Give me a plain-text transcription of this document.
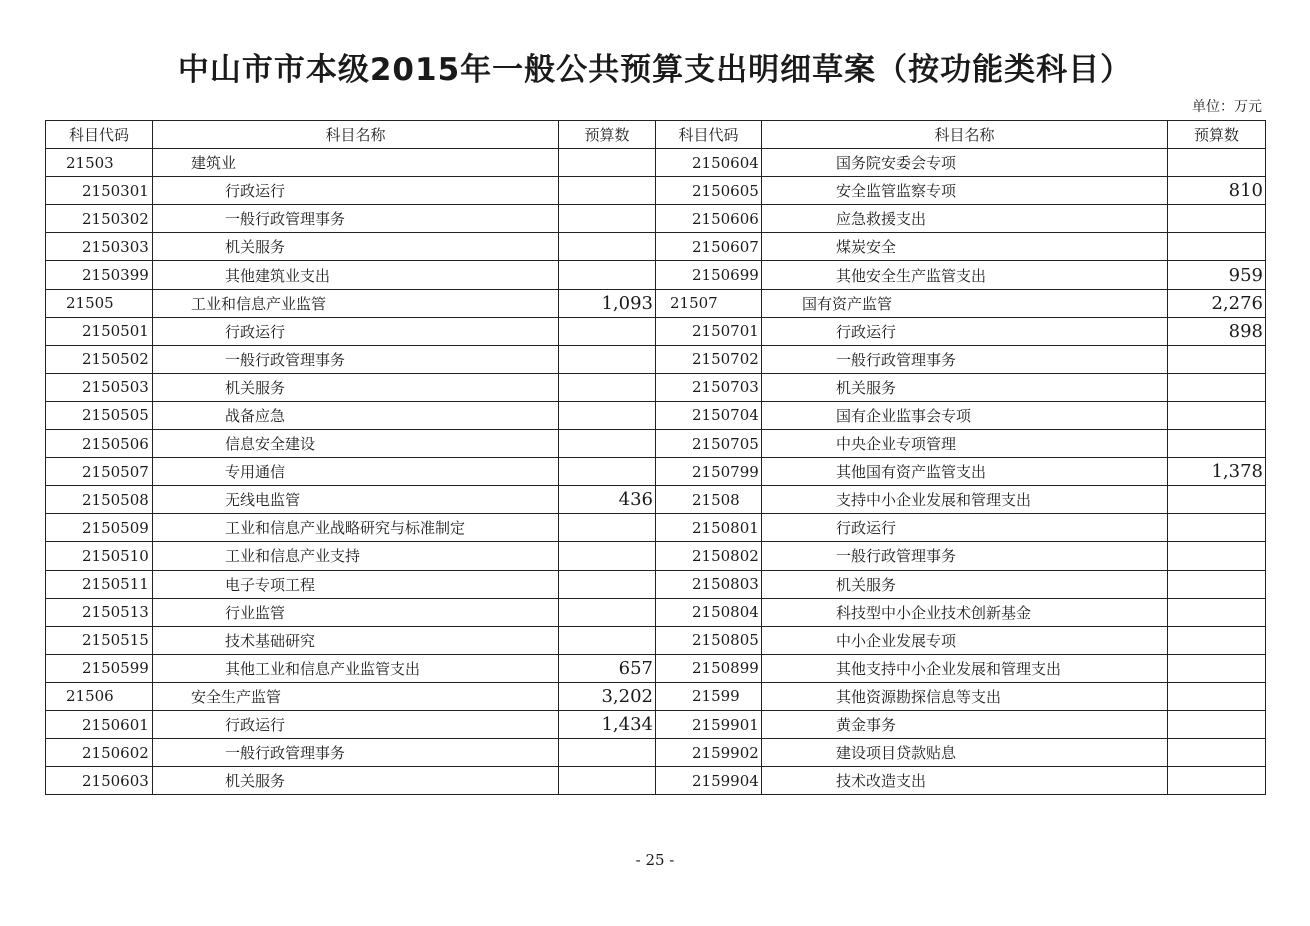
中山市市本级2015年一般公共预算支出明细草案（按功能类科目）
单位：万元
科目代码	科目名称	预算数	科目代码	科目名称	预算数
21503	建筑业		2150604	国务院安委会专项	
2150301	行政运行		2150605	安全监管监察专项	810
2150302	一般行政管理事务		2150606	应急救援支出	
2150303	机关服务		2150607	煤炭安全	
2150399	其他建筑业支出		2150699	其他安全生产监管支出	959
21505	工业和信息产业监管	1,093	21507	国有资产监管	2,276
2150501	行政运行		2150701	行政运行	898
2150502	一般行政管理事务		2150702	一般行政管理事务	
2150503	机关服务		2150703	机关服务	
2150505	战备应急		2150704	国有企业监事会专项	
2150506	信息安全建设		2150705	中央企业专项管理	
2150507	专用通信		2150799	其他国有资产监管支出	1,378
2150508	无线电监管	436	21508	支持中小企业发展和管理支出	
2150509	工业和信息产业战略研究与标准制定		2150801	行政运行	
2150510	工业和信息产业支持		2150802	一般行政管理事务	
2150511	电子专项工程		2150803	机关服务	
2150513	行业监管		2150804	科技型中小企业技术创新基金	
2150515	技术基础研究		2150805	中小企业发展专项	
2150599	其他工业和信息产业监管支出	657	2150899	其他支持中小企业发展和管理支出	
21506	安全生产监管	3,202	21599	其他资源勘探信息等支出	
2150601	行政运行	1,434	2159901	黄金事务	
2150602	一般行政管理事务		2159902	建设项目贷款贴息	
2150603	机关服务		2159904	技术改造支出	
- 25 -
